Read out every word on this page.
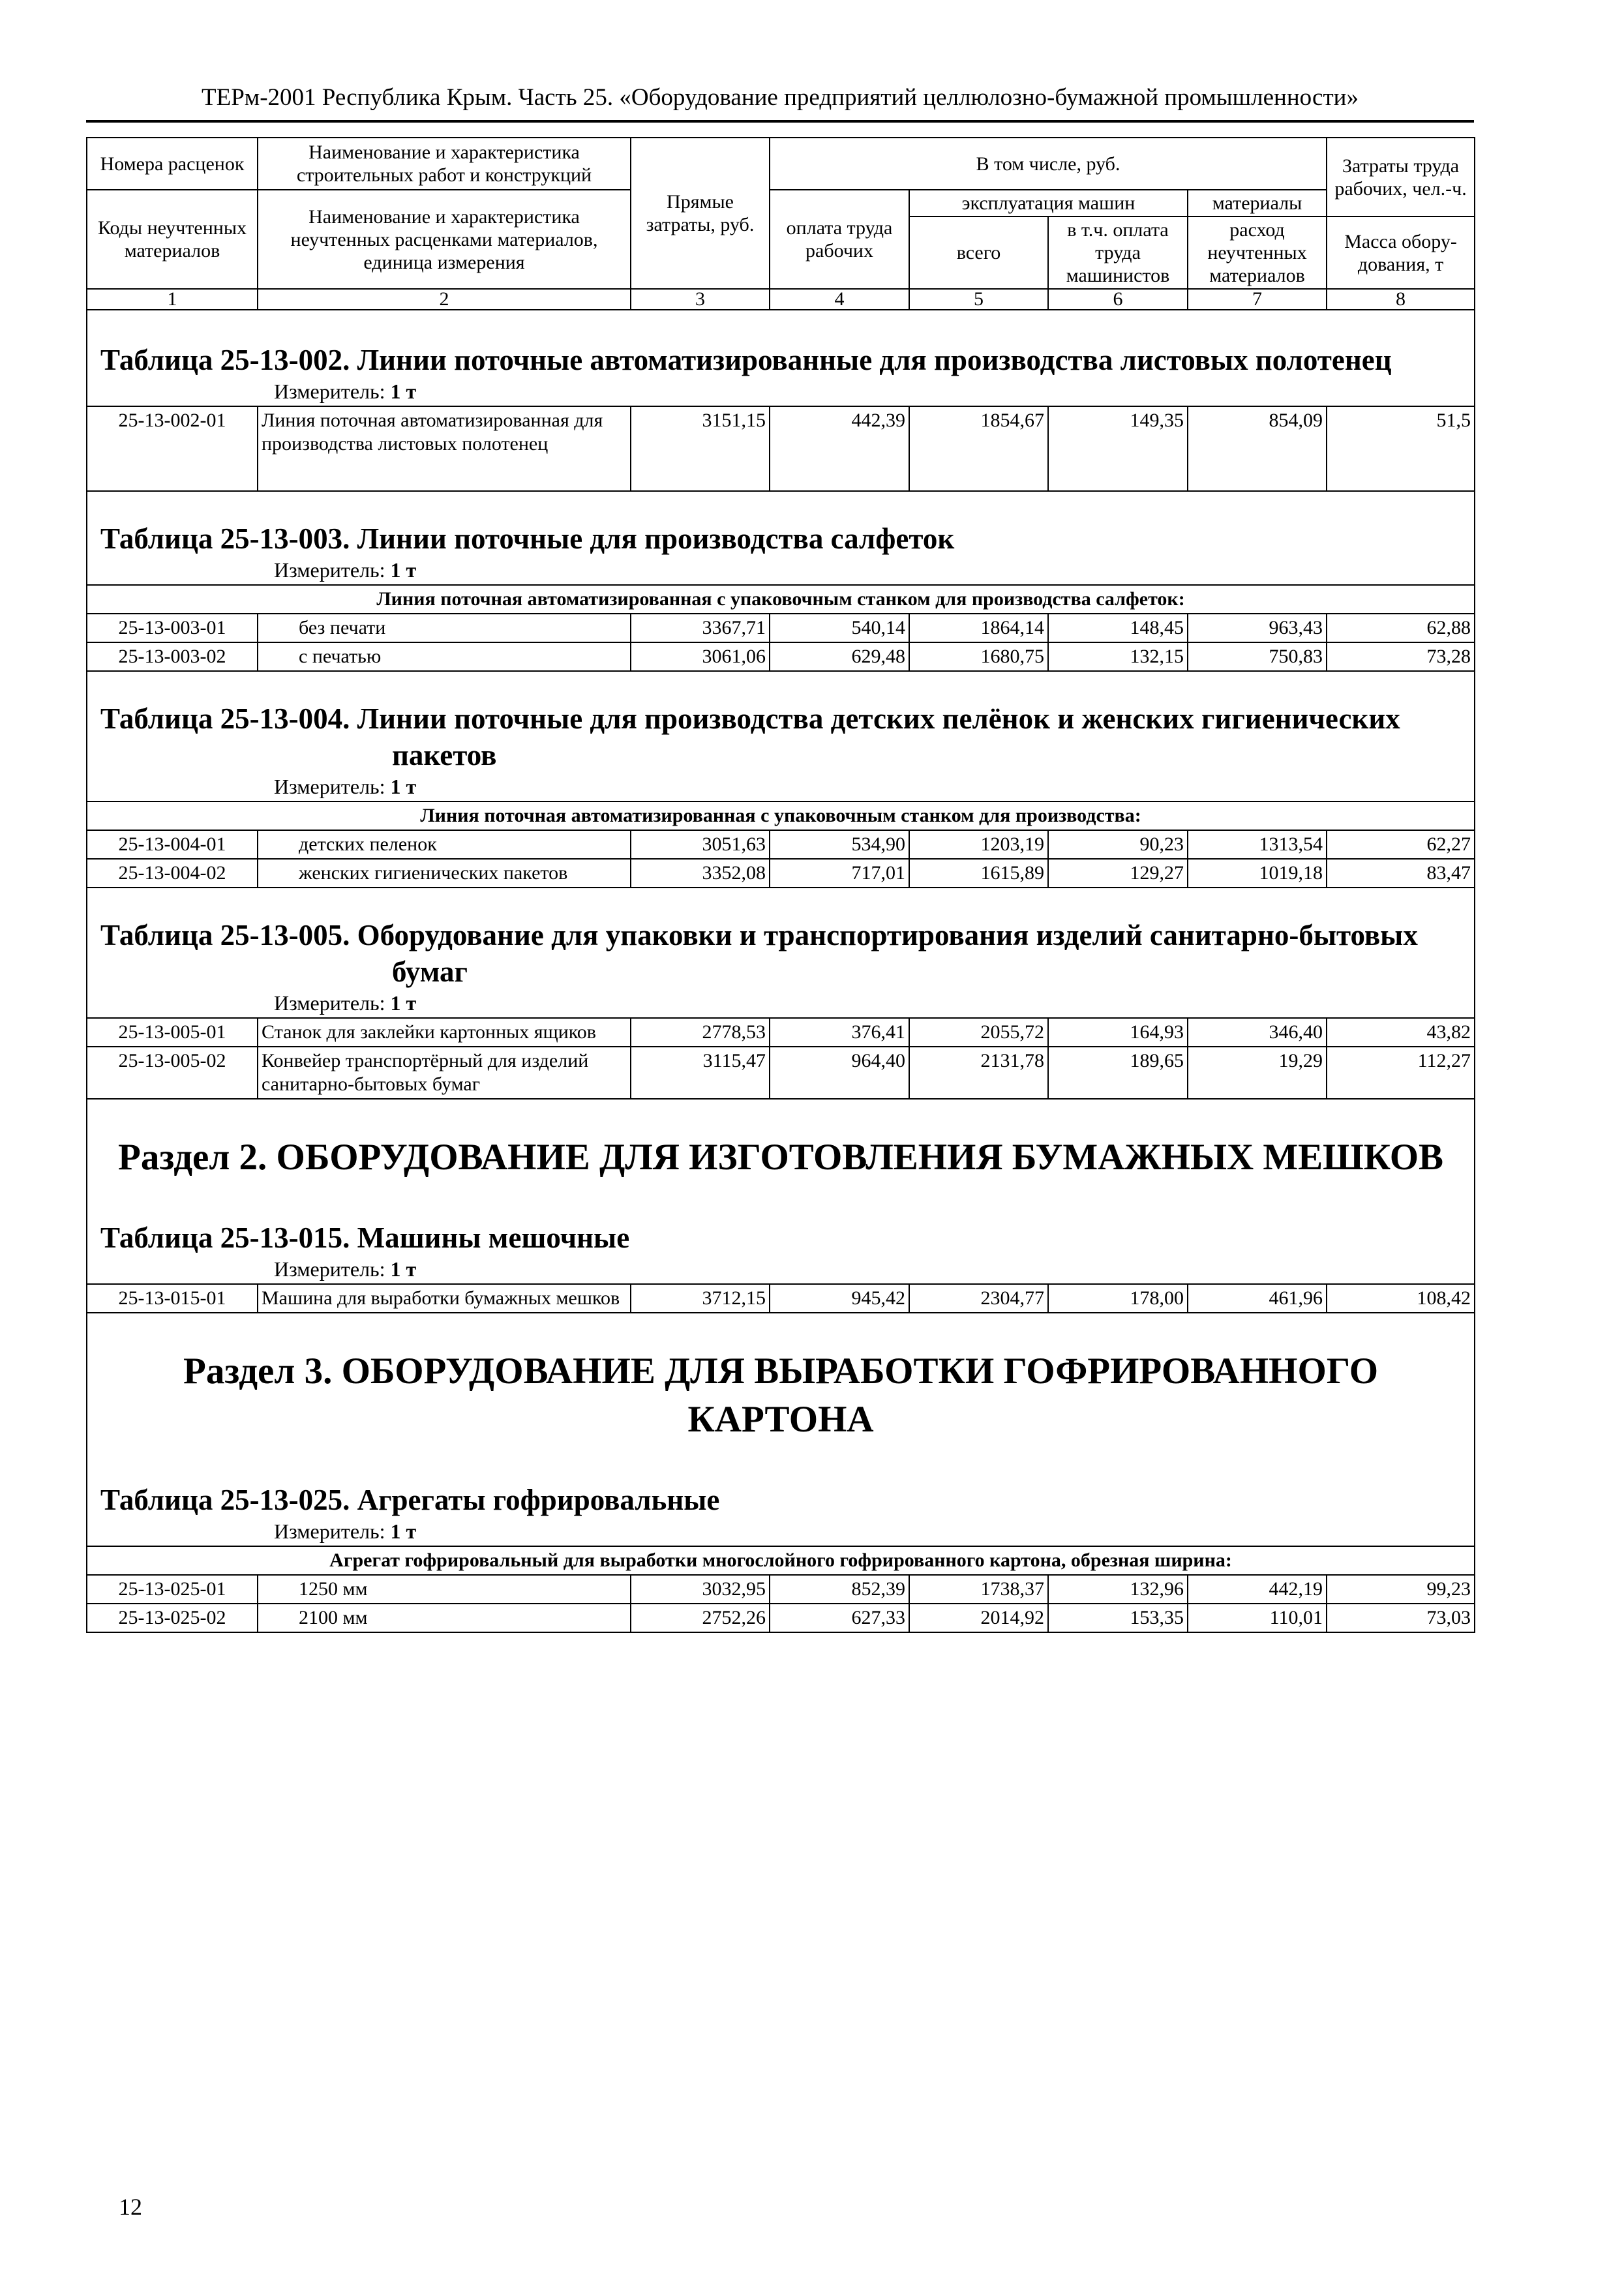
ТЕРм-2001 Республика Крым. Часть 25. «Оборудование предприятий целлюлозно-бумажной промышленности»
Номера расценок	Наименование и характеристика строительных работ и конструкций	Прямые затраты, руб.	В том числе, руб.				Затраты труда рабочих, чел.-ч.
Коды неучтенных материалов	Наименование и характеристика неучтенных расценками материалов, единица измерения		оплата труда рабочих	эксплуатация машин		материалы	
				всего	в т.ч. оплата труда машинистов	расход неучтенных материалов	
							Масса обору-дования, т
1	2	3	4	5	6	7	8

Таблица 25-13-002. Линии поточные автоматизированные для производства листовых полотенец

Измеритель: 1 т							

25-13-002-01	Линия поточная автоматизированная для производства листовых полотенец	3151,15	442,39	1854,67	149,35	854,09	51,5

Таблица 25-13-003. Линии поточные для производства салфеток

Измеритель: 1 т							

Линия поточная автоматизированная с упаковочным станком для производства салфеток:							
25-13-003-01	без печати	3367,71	540,14	1864,14	148,45	963,43	62,88
25-13-003-02	с печатью	3061,06	629,48	1680,75	132,15	750,83	73,28

Таблица 25-13-004. Линии поточные для производства детских пелёнок и женских гигиенических пакетов

Измеритель: 1 т							

Линия поточная автоматизированная с упаковочным станком для производства:							
25-13-004-01	детских пеленок	3051,63	534,90	1203,19	90,23	1313,54	62,27
25-13-004-02	женских гигиенических пакетов	3352,08	717,01	1615,89	129,27	1019,18	83,47

Таблица 25-13-005. Оборудование для упаковки и транспортирования изделий санитарно-бытовых бумаг

Измеритель: 1 т							

25-13-005-01	Станок для заклейки картонных ящиков	2778,53	376,41	2055,72	164,93	346,40	43,82
25-13-005-02	Конвейер транспортёрный для изделий санитарно-бытовых бумаг	3115,47	964,40	2131,78	189,65	19,29	112,27

Раздел 2. ОБОРУДОВАНИЕ ДЛЯ ИЗГОТОВЛЕНИЯ БУМАЖНЫХ МЕШКОВ

Таблица 25-13-015. Машины мешочные

Измеритель: 1 т							

25-13-015-01	Машина для выработки бумажных мешков	3712,15	945,42	2304,77	178,00	461,96	108,42

Раздел 3. ОБОРУДОВАНИЕ ДЛЯ ВЫРАБОТКИ ГОФРИРОВАННОГО КАРТОНА

Таблица 25-13-025. Агрегаты гофрировальные

Измеритель: 1 т							

Агрегат гофрировальный для выработки многослойного гофрированного картона, обрезная ширина:							
25-13-025-01	1250 мм	3032,95	852,39	1738,37	132,96	442,19	99,23
25-13-025-02	2100 мм	2752,26	627,33	2014,92	153,35	110,01	73,03
12
